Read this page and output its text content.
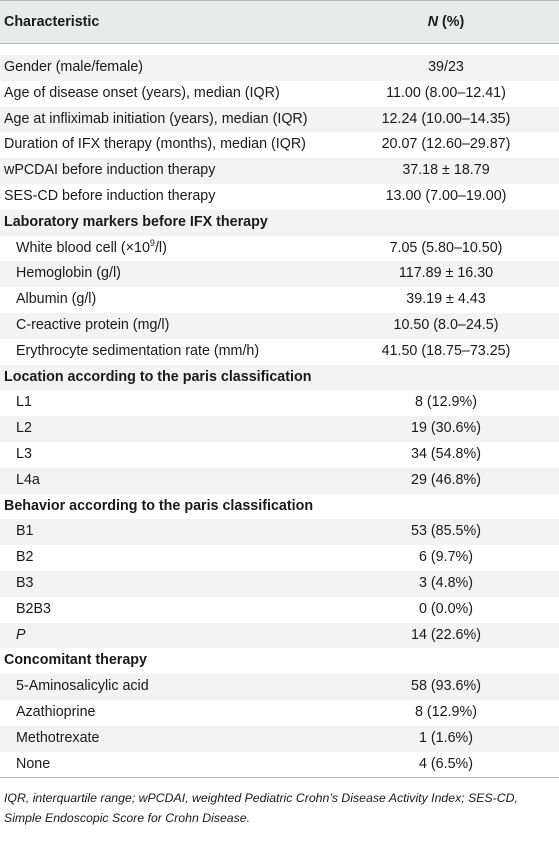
Characteristic	N (%)
Gender (male/female)	39/23
Age of disease onset (years), median (IQR)	11.00 (8.00–12.41)
Age at infliximab initiation (years), median (IQR)	12.24 (10.00–14.35)
Duration of IFX therapy (months), median (IQR)	20.07 (12.60–29.87)
wPCDAI before induction therapy	37.18 ± 18.79
SES-CD before induction therapy	13.00 (7.00–19.00)
Laboratory markers before IFX therapy
White blood cell $(\times 10^9/l)$	7.05 (5.80–10.50)
Hemoglobin (g/l)	117.89 ± 16.30
Albumin (g/l)	39.19 ± 4.43
C-reactive protein (mg/l)	10.50 (8.0–24.5)
Erythrocyte sedimentation rate (mm/h)	41.50 (18.75–73.25)
Location according to the paris classification
L1	8 (12.9%)
L2	19 (30.6%)
L3	34 (54.8%)
L4a	29 (46.8%)
Behavior according to the paris classification
B1	53 (85.5%)
B2	6 (9.7%)
B3	3 (4.8%)
B2B3	0 (0.0%)
P	14 (22.6%)
Concomitant therapy
5-Aminosalicylic acid	58 (93.6%)
Azathioprine	8 (12.9%)
Methotrexate	1 (1.6%)
None	4 (6.5%)
IQR, interquartile range; wPCDAI, weighted Pediatric Crohn’s Disease Activity Index; SES-CD, Simple Endoscopic Score for Crohn Disease.
